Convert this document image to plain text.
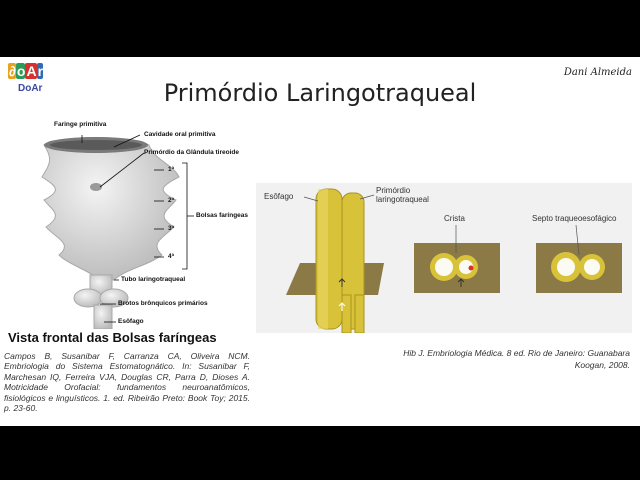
∂ o A r
DoAr
Dani Almeida
Primórdio Laringotraqueal
Faringe primitiva
Cavidade oral primitiva
Primórdio da Glândula tireoide
1ª
2ª
3ª
4ª
Bolsas faríngeas
Tubo laringotraqueal
Brotos brônquicos primários
Esôfago
Vista frontal das Bolsas faríngeas
Campos B, Susanibar F, Carranza CA, Oliveira NCM. Embriologia do Sistema Estomatognático. In: Susanibar F, Marchesan IQ, Ferreira VJA, Douglas CR, Parra D, Dioses A. Motricidade Orofacial: fundamentos neuroanatômicos, fisiológicos e linguísticos. 1. ed. Ribeirão Preto: Book Toy; 2015. p. 23-60.
Esôfago
Primórdio
laringotraqueal
Crista	Septo traqueoesofágico
Hib J. Embriologia Médica. 8 ed. Rio de Janeiro: Guanabara Koogan, 2008.
